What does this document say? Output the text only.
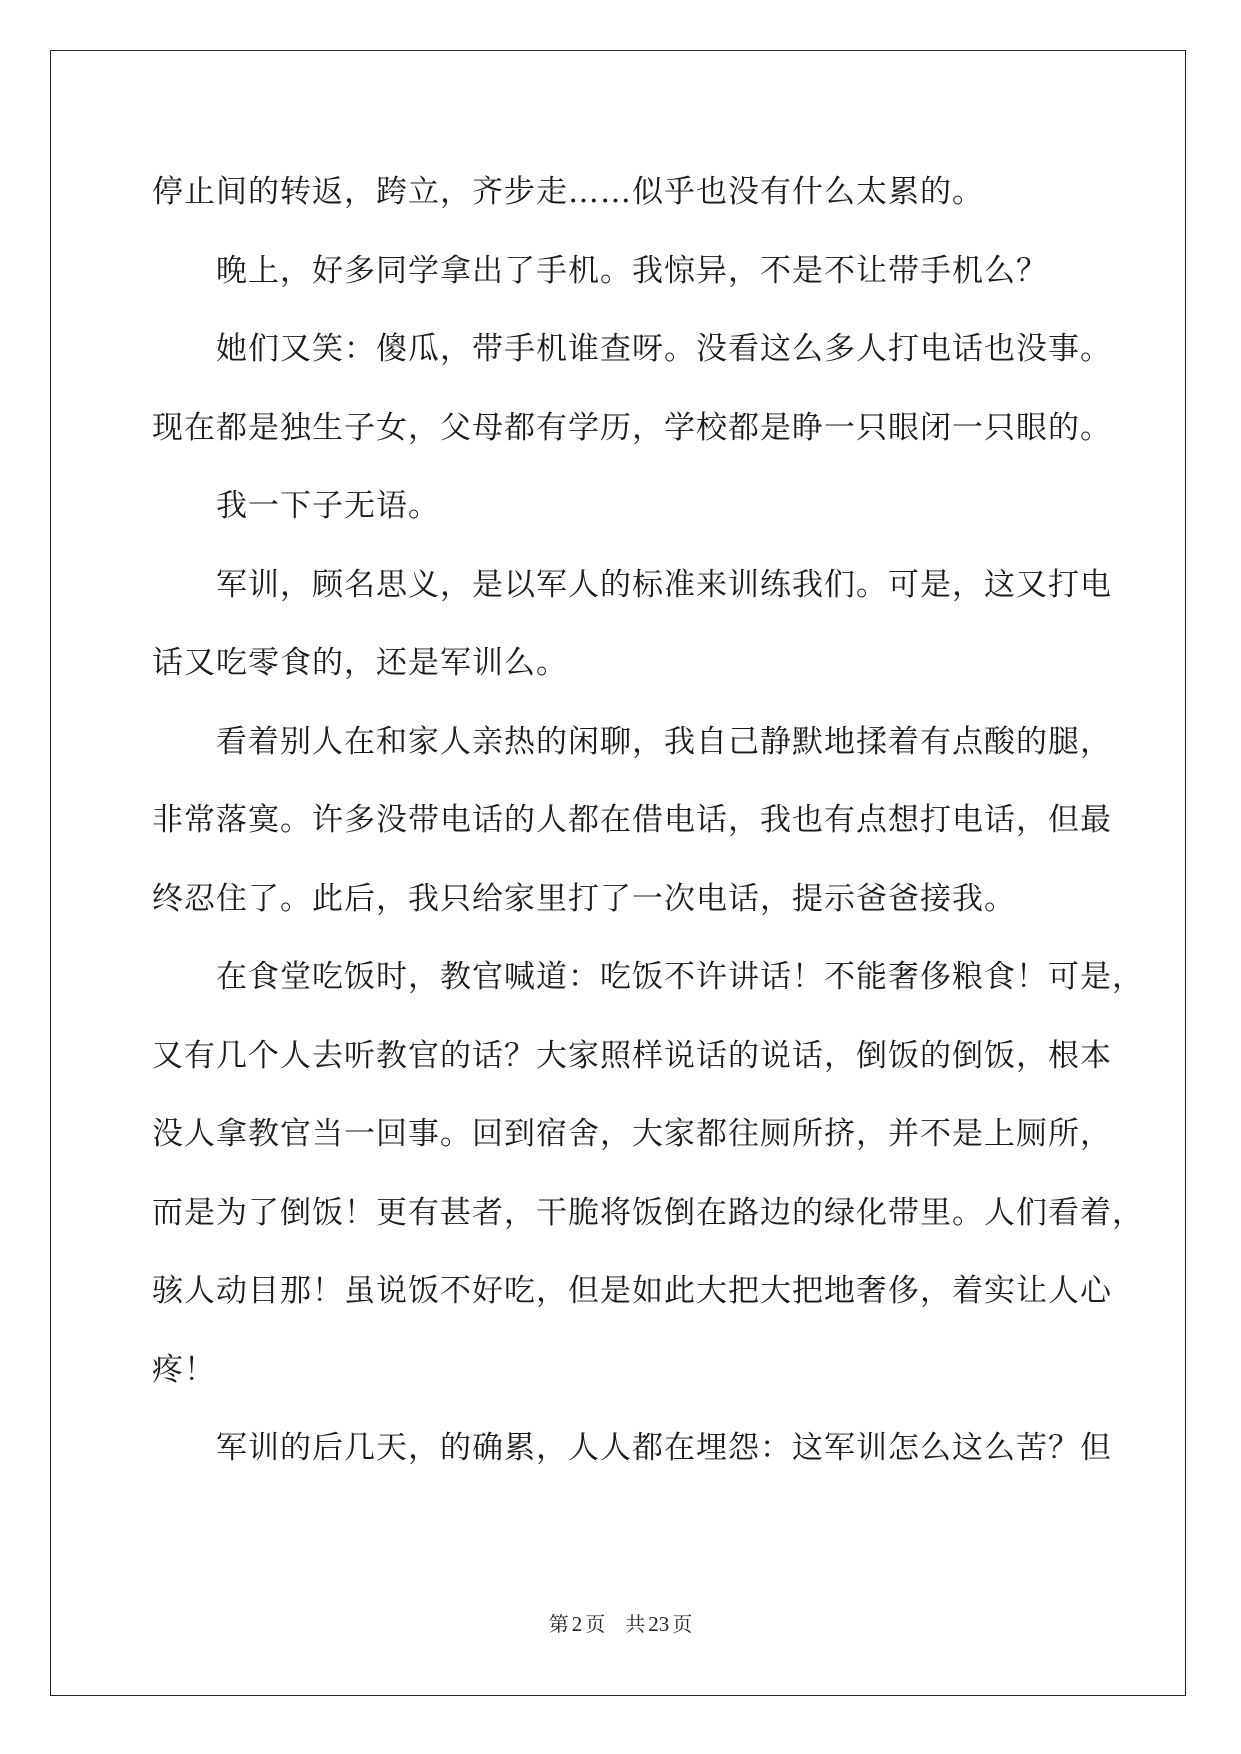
停止间的转返，跨立，齐步走……似乎也没有什么太累的。
晚上，好多同学拿出了手机。我惊异，不是不让带手机么？
她们又笑：傻瓜，带手机谁查呀。没看这么多人打电话也没事。
现在都是独生子女，父母都有学历，学校都是睁一只眼闭一只眼的。
我一下子无语。
军训，顾名思义，是以军人的标准来训练我们。可是，这又打电
话又吃零食的，还是军训么。
看着别人在和家人亲热的闲聊，我自己静默地揉着有点酸的腿，
非常落寞。许多没带电话的人都在借电话，我也有点想打电话，但最
终忍住了。此后，我只给家里打了一次电话，提示爸爸接我。
在食堂吃饭时，教官喊道：吃饭不许讲话！不能奢侈粮食！可是，
又有几个人去听教官的话？大家照样说话的说话，倒饭的倒饭，根本
没人拿教官当一回事。回到宿舍，大家都往厕所挤，并不是上厕所，
而是为了倒饭！更有甚者，干脆将饭倒在路边的绿化带里。人们看着，
骇人动目那！虽说饭不好吃，但是如此大把大把地奢侈，着实让人心
疼！
军训的后几天，的确累，人人都在埋怨：这军训怎么这么苦？但
第 2 页 共 23 页
